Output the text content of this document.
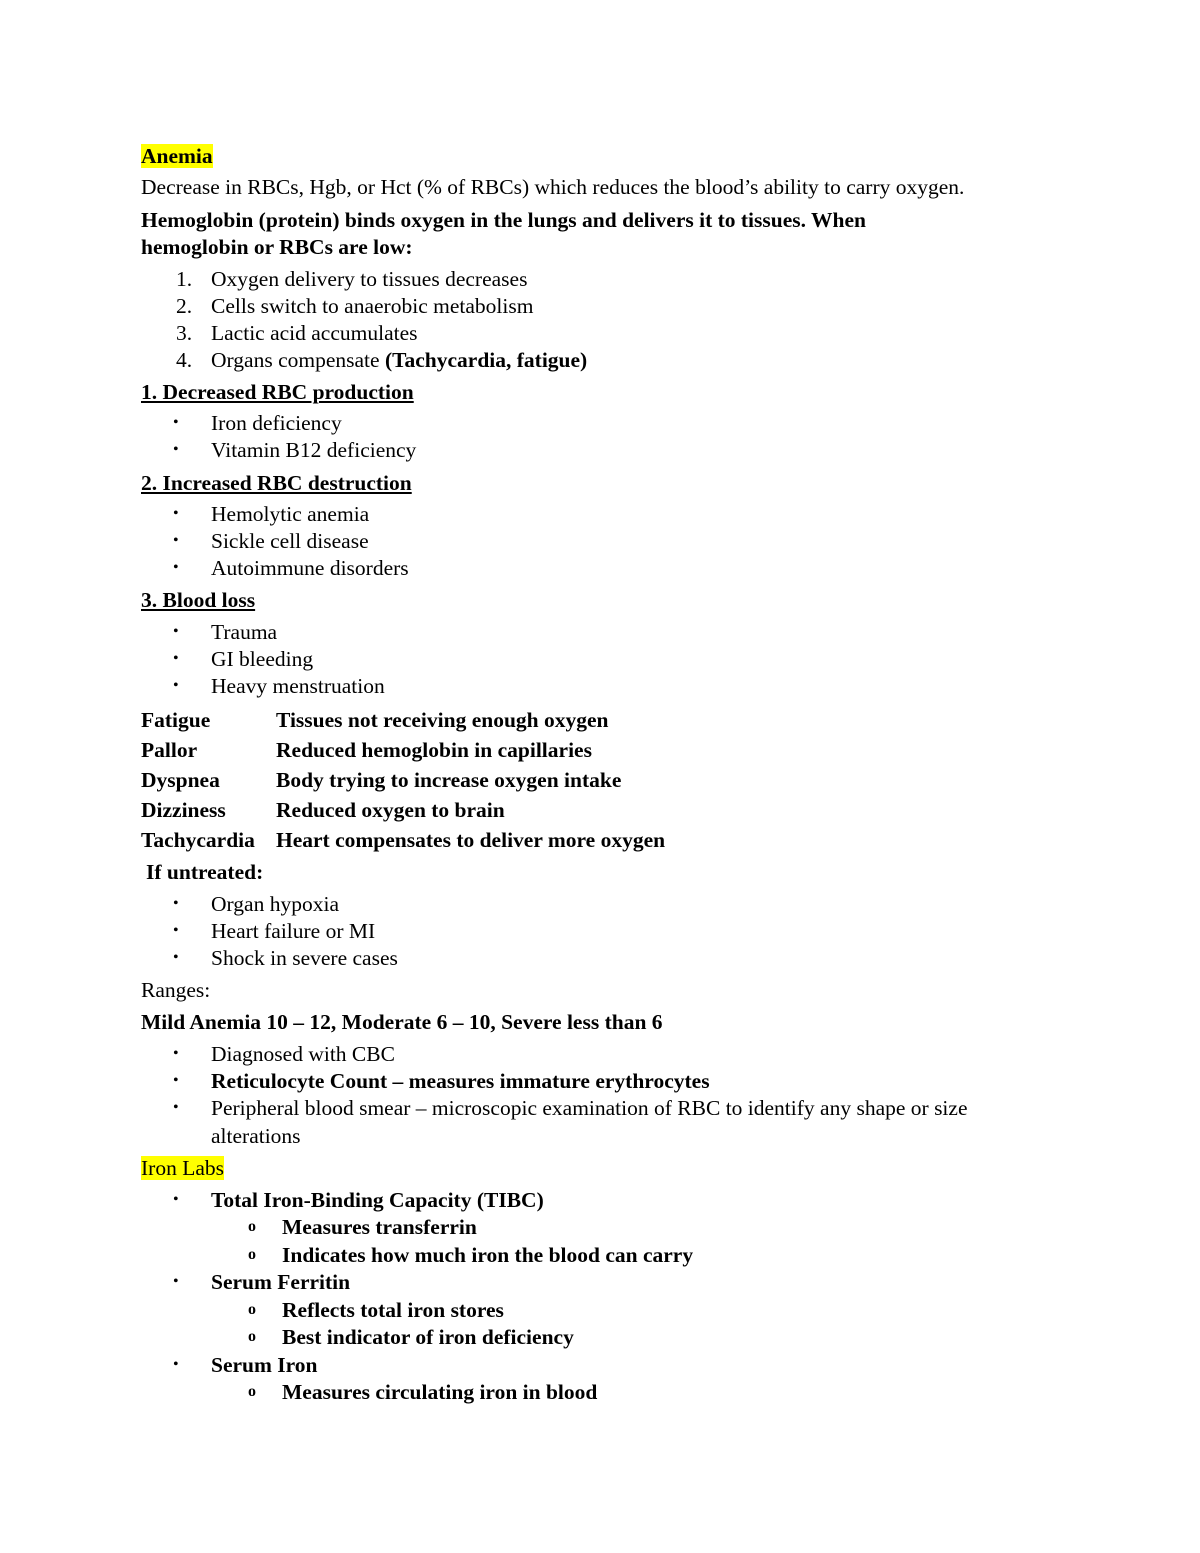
Anemia
Decrease in RBCs, Hgb, or Hct (% of RBCs) which reduces the blood’s ability to carry oxygen.
Hemoglobin (protein) binds oxygen in the lungs and delivers it to tissues. When
hemoglobin or RBCs are low:
1. Oxygen delivery to tissues decreases
2. Cells switch to anaerobic metabolism
3. Lactic acid accumulates
4. Organs compensate (Tachycardia, fatigue)
1. Decreased RBC production
• Iron deficiency
• Vitamin B12 deficiency
2. Increased RBC destruction
• Hemolytic anemia
• Sickle cell disease
• Autoimmune disorders
3. Blood loss
• Trauma
• GI bleeding
• Heavy menstruation
Fatigue	Tissues not receiving enough oxygen
Pallor	Reduced hemoglobin in capillaries
Dyspnea	Body trying to increase oxygen intake
Dizziness Reduced oxygen to brain
Tachycardia Heart compensates to deliver more oxygen
If untreated:
• Organ hypoxia
• Heart failure or MI
• Shock in severe cases
Ranges:
Mild Anemia 10 – 12, Moderate 6 – 10, Severe less than 6
• Diagnosed with CBC
• Reticulocyte Count – measures immature erythrocytes
• Peripheral blood smear – microscopic examination of RBC to identify any shape or size
alterations
Iron Labs
• Total Iron-Binding Capacity (TIBC)
o Measures transferrin
o Indicates how much iron the blood can carry
• Serum Ferritin
o Reflects total iron stores
o Best indicator of iron deficiency
• Serum Iron
o Measures circulating iron in blood
